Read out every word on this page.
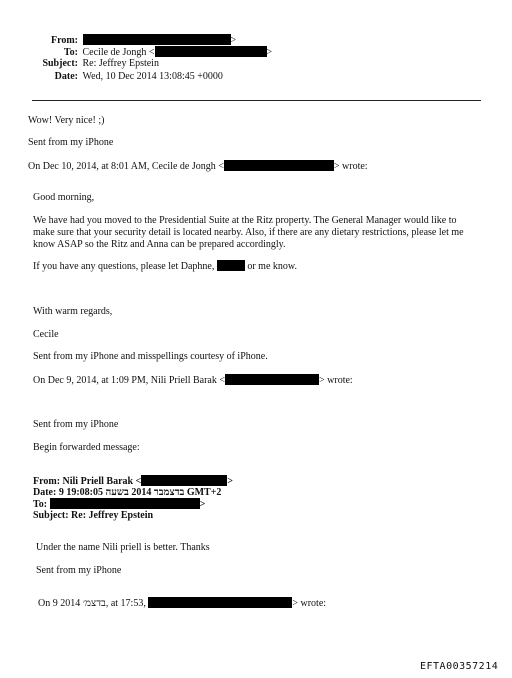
From:	>
To: Cecile de Jongh <	>
Subject: Re: Jeffrey Epstein
Date: Wed, 10 Dec 2014 13:08:45 +0000
Wow! Very nice! ;)
Sent from my iPhone
On Dec 10, 2014, at 8:01 AM, Cecile de Jongh <	> wrote:
Good morning,
We have had you moved to the Presidential Suite at the Ritz property. The General Manager would like to make sure that your security detail is located nearby. Also, if there are any dietary restrictions, please let me know ASAP so the Ritz and Anna can be prepared accordingly.
If you have any questions, please let Daphne,	or me know.
With warm regards,
Cecile
Sent from my iPhone and misspellings courtesy of iPhone.
On Dec 9, 2014, at 1:09 PM, Nili Priell Barak <	> wrote:
Sent from my iPhone
Begin forwarded message:
From: Nili Priell Barak <	>
Date: 9 בדצמבר 2014 בשעה 19:08:05 GMT+2
To:	>
Subject: Re: Jeffrey Epstein
Under the name Nili priell is better. Thanks
Sent from my iPhone
On 9 בדצמ׳ 2014, at 17:53,	> wrote:
EFTA00357214
